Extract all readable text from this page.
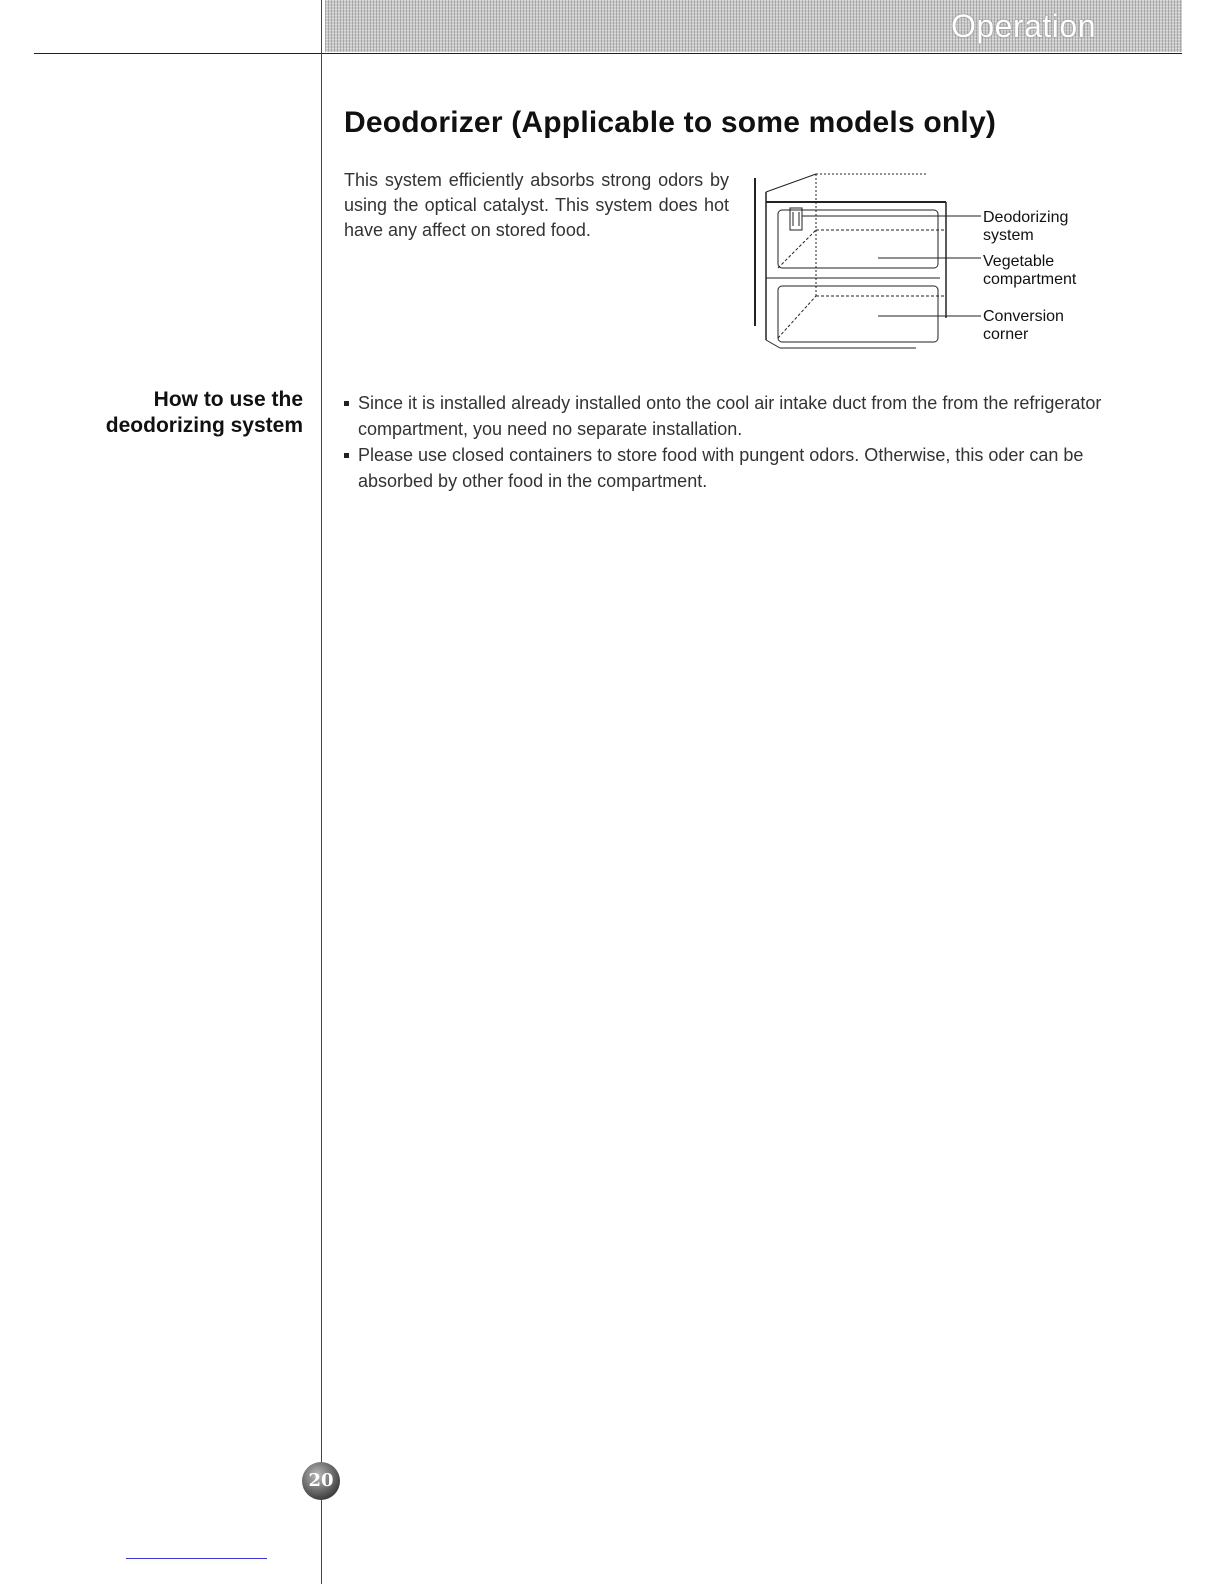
Operation
Deodorizer (Applicable to some models only)

This system efficiently absorbs strong odors by using the optical catalyst. This system does hot have any affect on stored food.

Deodorizing system
Vegetable compartment
Conversion corner
How to use the deodorizing system
Since it is installed already installed onto the cool air intake duct from the from the refrigerator compartment, you need no separate installation.
Please use closed containers to store food with pungent odors. Otherwise, this oder can be absorbed by other food in the compartment.
20
